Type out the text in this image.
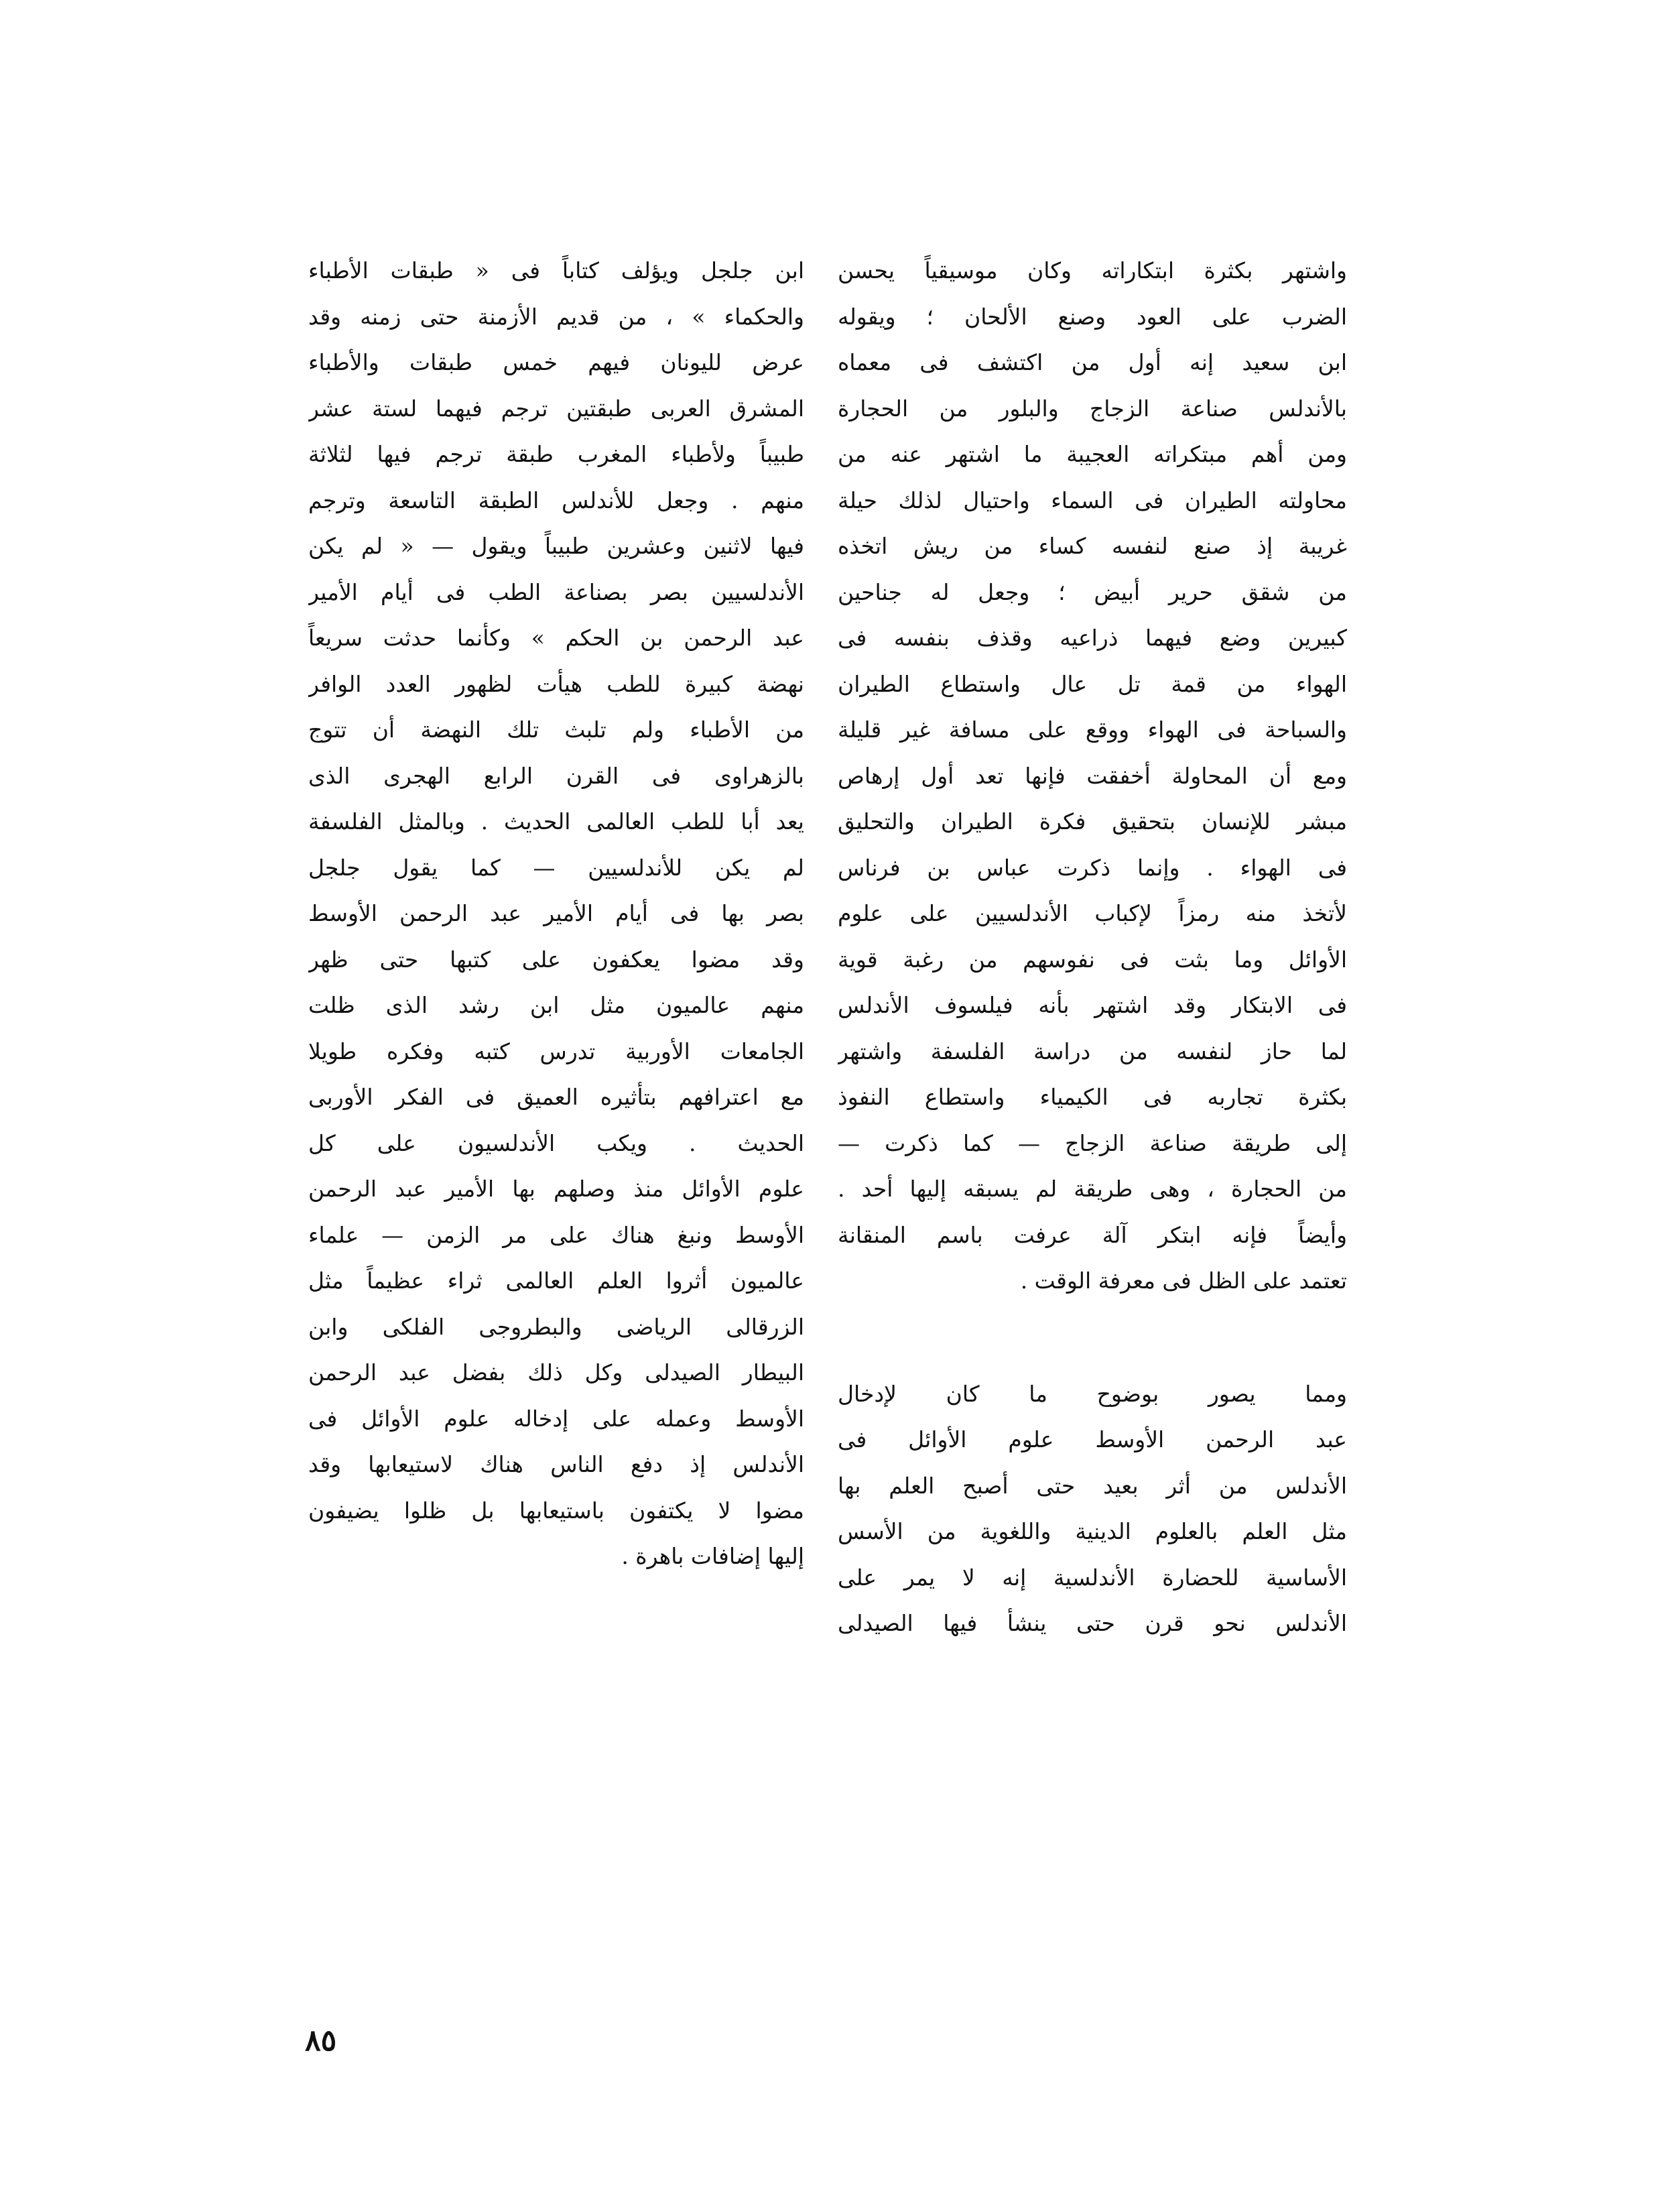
واشتهر بكثرة ابتكاراته وكان موسيقياً يحسن
الضرب على العود وصنع الألحان ؛ ويقوله
ابن سعيد إنه أول من اكتشف فى معماه
بالأندلس صناعة الزجاج والبلور من الحجارة
ومن أهم مبتكراته العجيبة ما اشتهر عنه من
محاولته الطيران فى السماء واحتيال لذلك حيلة
غريبة إذ صنع لنفسه كساء من ريش اتخذه
من شقق حرير أبيض ؛ وجعل له جناحين
كبيرين وضع فيهما ذراعيه وقذف بنفسه فى
الهواء من قمة تل عال واستطاع الطيران
والسباحة فى الهواء ووقع على مسافة غير قليلة
ومع أن المحاولة أخفقت فإنها تعد أول إرهاص
مبشر للإنسان بتحقيق فكرة الطيران والتحليق
فى الهواء . وإنما ذكرت عباس بن فرناس
لأتخذ منه رمزاً لإكباب الأندلسيين على علوم
الأوائل وما بثت فى نفوسهم من رغبة قوية
فى الابتكار وقد اشتهر بأنه فيلسوف الأندلس
لما حاز لنفسه من دراسة الفلسفة واشتهر
بكثرة تجاربه فى الكيمياء واستطاع النفوذ
إلى طريقة صناعة الزجاج — كما ذكرت —
من الحجارة ، وهى طريقة لم يسبقه إليها أحد .
وأيضاً فإنه ابتكر آلة عرفت باسم المنقانة
تعتمد على الظل فى معرفة الوقت .
ومما يصور بوضوح ما كان لإدخال
عبد الرحمن الأوسط علوم الأوائل فى
الأندلس من أثر بعيد حتى أصبح العلم بها
مثل العلم بالعلوم الدينية واللغوية من الأسس
الأساسية للحضارة الأندلسية إنه لا يمر على
الأندلس نحو قرن حتى ينشأ فيها الصيدلى
ابن جلجل ويؤلف كتاباً فى « طبقات الأطباء
والحكماء » ، من قديم الأزمنة حتى زمنه وقد
عرض لليونان فيهم خمس طبقات والأطباء
المشرق العربى طبقتين ترجم فيهما لستة عشر
طبيباً ولأطباء المغرب طبقة ترجم فيها لثلاثة
منهم . وجعل للأندلس الطبقة التاسعة وترجم
فيها لاثنين وعشرين طبيباً ويقول — « لم يكن
الأندلسيين بصر بصناعة الطب فى أيام الأمير
عبد الرحمن بن الحكم » وكأنما حدثت سريعاً
نهضة كبيرة للطب هيأت لظهور العدد الوافر
من الأطباء ولم تلبث تلك النهضة أن تتوج
بالزهراوى فى القرن الرابع الهجرى الذى
يعد أبا للطب العالمى الحديث . وبالمثل الفلسفة
لم يكن للأندلسيين — كما يقول جلجل
بصر بها فى أيام الأمير عبد الرحمن الأوسط
وقد مضوا يعكفون على كتبها حتى ظهر
منهم عالميون مثل ابن رشد الذى ظلت
الجامعات الأوربية تدرس كتبه وفكره طويلا
مع اعترافهم بتأثيره العميق فى الفكر الأوربى
الحديث . ويكب الأندلسيون على كل
علوم الأوائل منذ وصلهم بها الأمير عبد الرحمن
الأوسط ونبغ هناك على مر الزمن — علماء
عالميون أثروا العلم العالمى ثراء عظيماً مثل
الزرقالى الرياضى والبطروجى الفلكى وابن
البيطار الصيدلى وكل ذلك بفضل عبد الرحمن
الأوسط وعمله على إدخاله علوم الأوائل فى
الأندلس إذ دفع الناس هناك لاستيعابها وقد
مضوا لا يكتفون باستيعابها بل ظلوا يضيفون
إليها إضافات باهرة .
٨٥
